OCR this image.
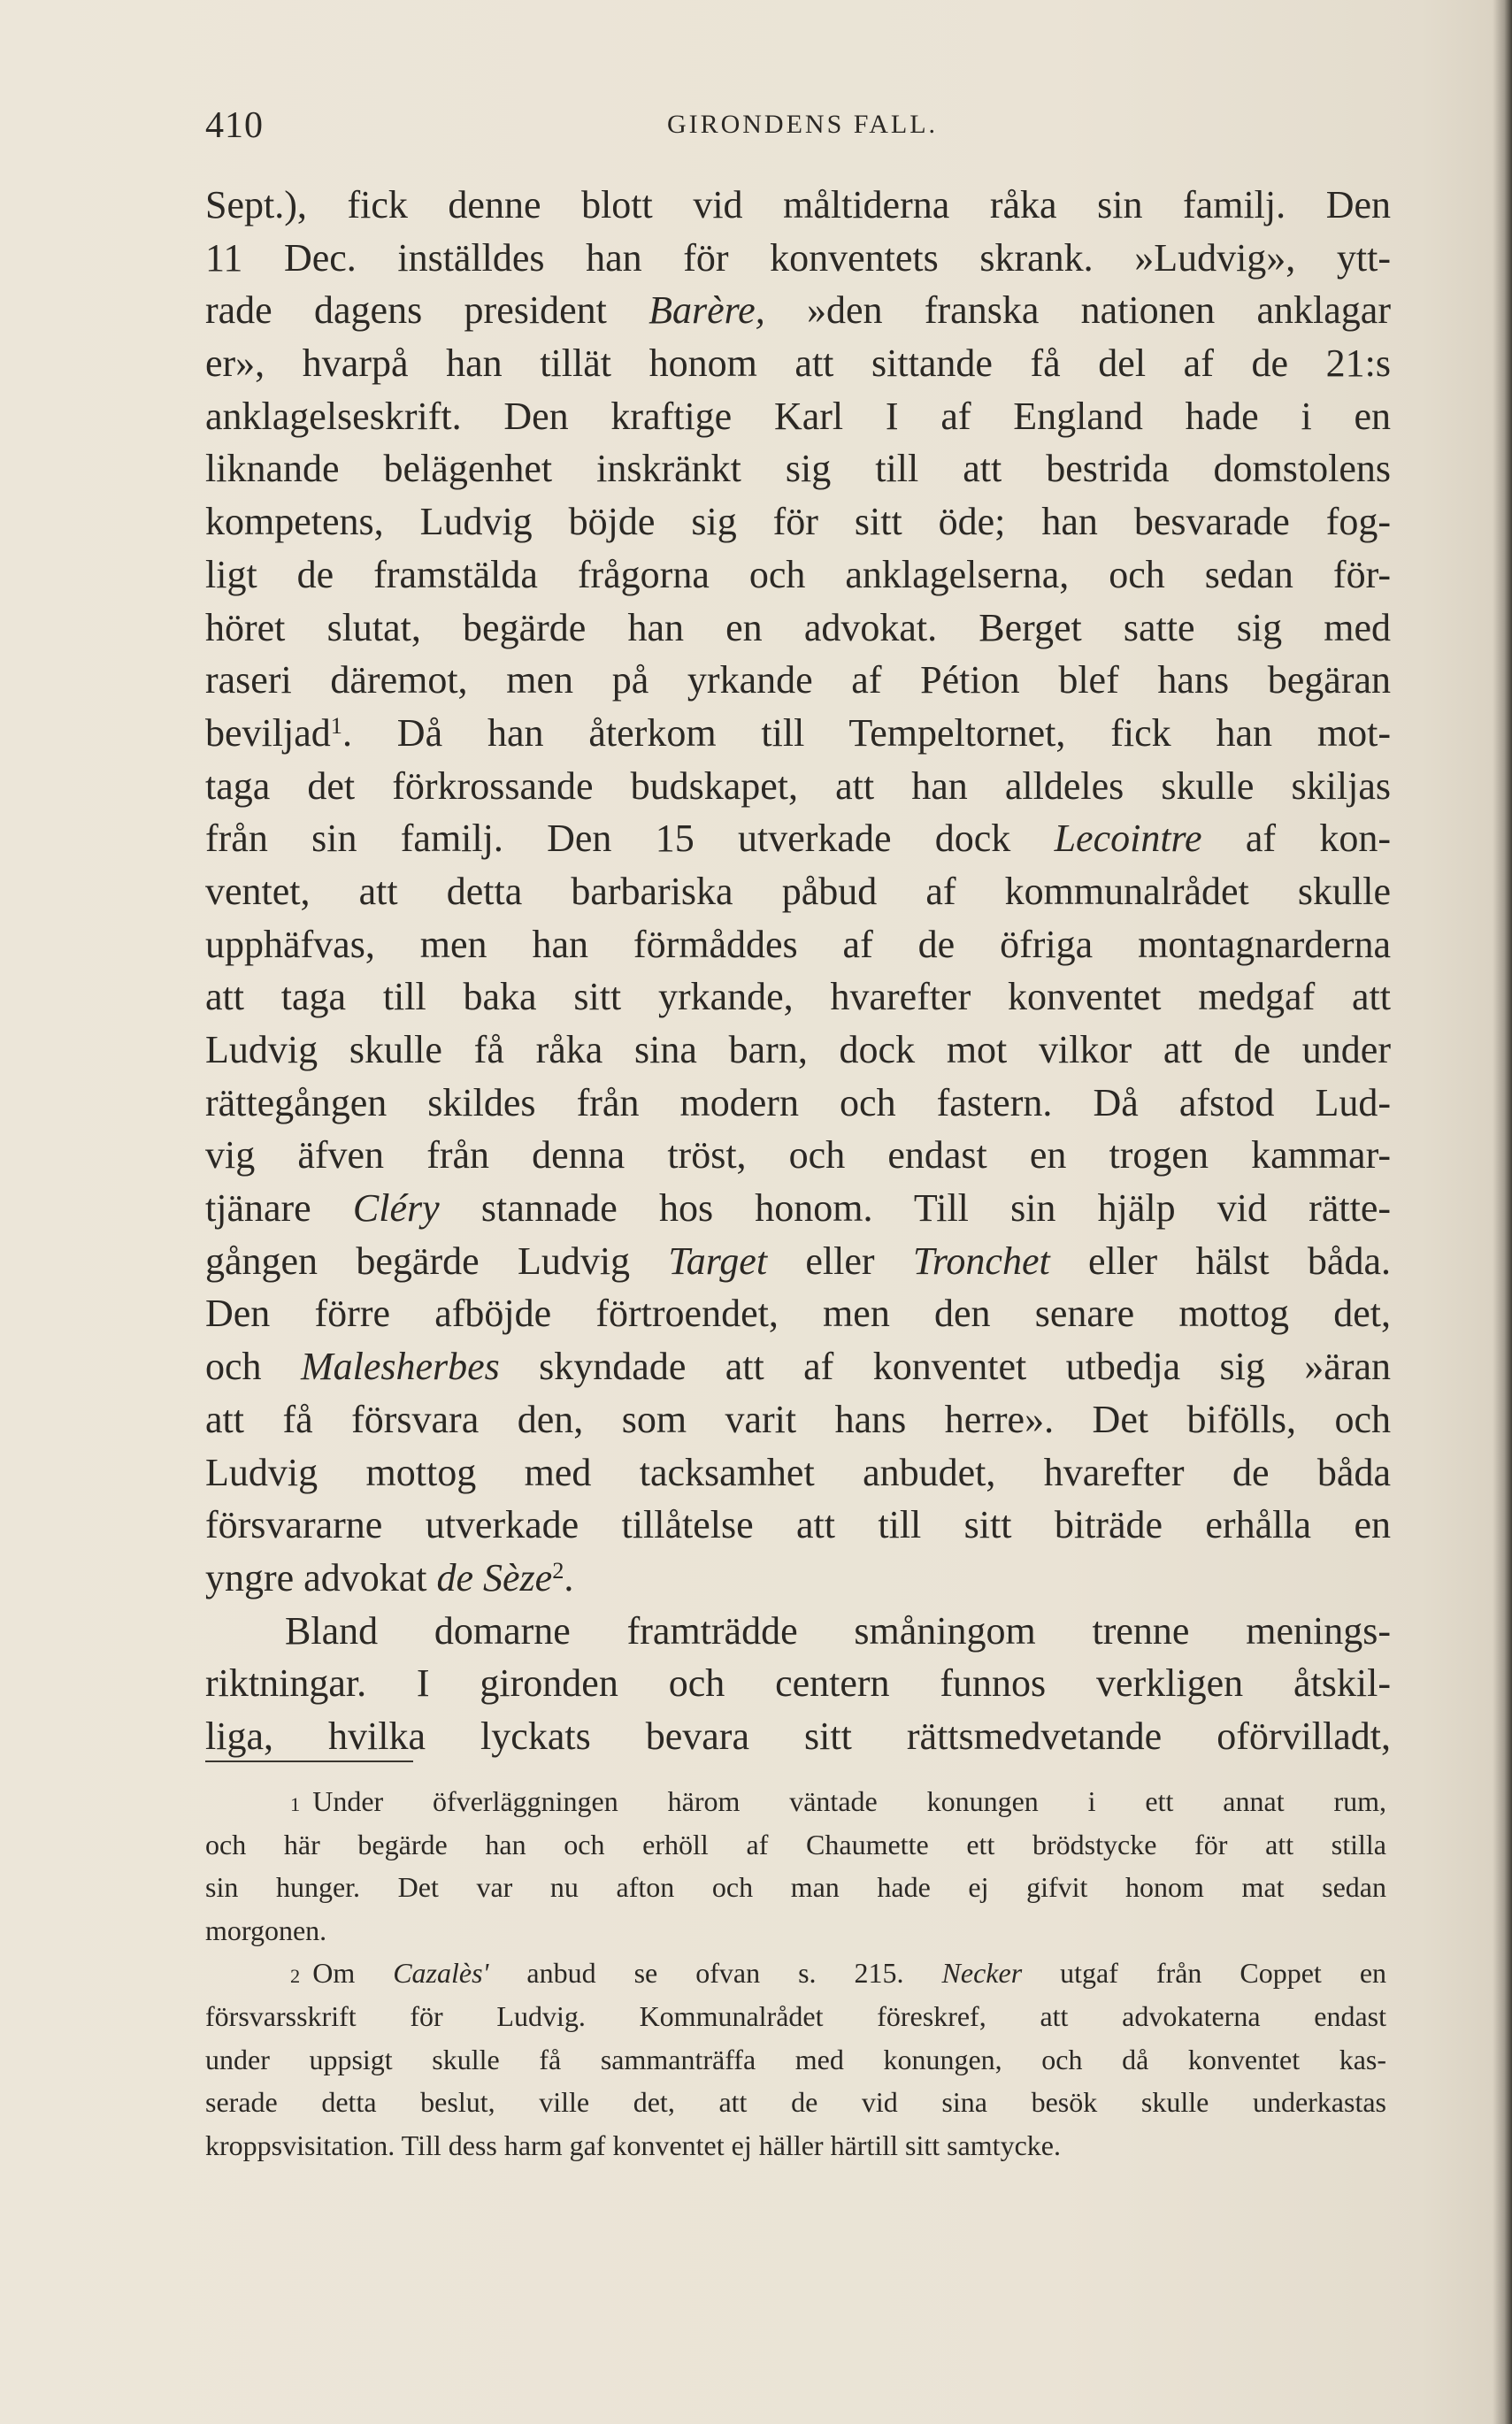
410	GIRONDENS FALL.
Sept.), fick denne blott vid måltiderna råka sin familj. Den
11 Dec. inställdes han för konventets skrank. »Ludvig», ytt-
rade dagens president Barère, »den franska nationen anklagar
er», hvarpå han tillät honom att sittande få del af de 21:s
anklagelseskrift. Den kraftige Karl I af England hade i en
liknande belägenhet inskränkt sig till att bestrida domstolens
kompetens, Ludvig böjde sig för sitt öde; han besvarade fog-
ligt de framstälda frågorna och anklagelserna, och sedan för-
höret slutat, begärde han en advokat. Berget satte sig med
raseri däremot, men på yrkande af Pétion blef hans begäran
beviljad$^1$. Då han återkom till Tempeltornet, fick han mot-
taga det förkrossande budskapet, att han alldeles skulle skiljas
från sin familj. Den 15 utverkade dock Lecointre af kon-
ventet, att detta barbariska påbud af kommunalrådet skulle
upphäfvas, men han förmåddes af de öfriga montagnarderna
att taga till baka sitt yrkande, hvarefter konventet medgaf att
Ludvig skulle få råka sina barn, dock mot vilkor att de under
rättegången skildes från modern och fastern. Då afstod Lud-
vig äfven från denna tröst, och endast en trogen kammar-
tjänare Cléry stannade hos honom. Till sin hjälp vid rätte-
gången begärde Ludvig Target eller Tronchet eller hälst båda.
Den förre afböjde förtroendet, men den senare mottog det,
och Malesherbes skyndade att af konventet utbedja sig »äran
att få försvara den, som varit hans herre». Det bifölls, och
Ludvig mottog med tacksamhet anbudet, hvarefter de båda
försvararne utverkade tillåtelse att till sitt biträde erhålla en
yngre advokat de Sèze$^2$.
Bland domarne framträdde småningom trenne menings-
riktningar. I gironden och centern funnos verkligen åtskil-
liga, hvilka lyckats bevara sitt rättsmedvetande oförvilladt,
$^1$ Under öfverläggningen härom väntade konungen i ett annat rum,
och här begärde han och erhöll af Chaumette ett brödstycke för att stilla
sin hunger. Det var nu afton och man hade ej gifvit honom mat sedan
morgonen.
$^2$ Om Cazalès' anbud se ofvan s. 215. Necker utgaf från Coppet en
försvarsskrift för Ludvig. Kommunalrådet föreskref, att advokaterna endast
under uppsigt skulle få sammanträffa med konungen, och då konventet kas-
serade detta beslut, ville det, att de vid sina besök skulle underkastas
kroppsvisitation. Till dess harm gaf konventet ej häller härtill sitt samtycke.
